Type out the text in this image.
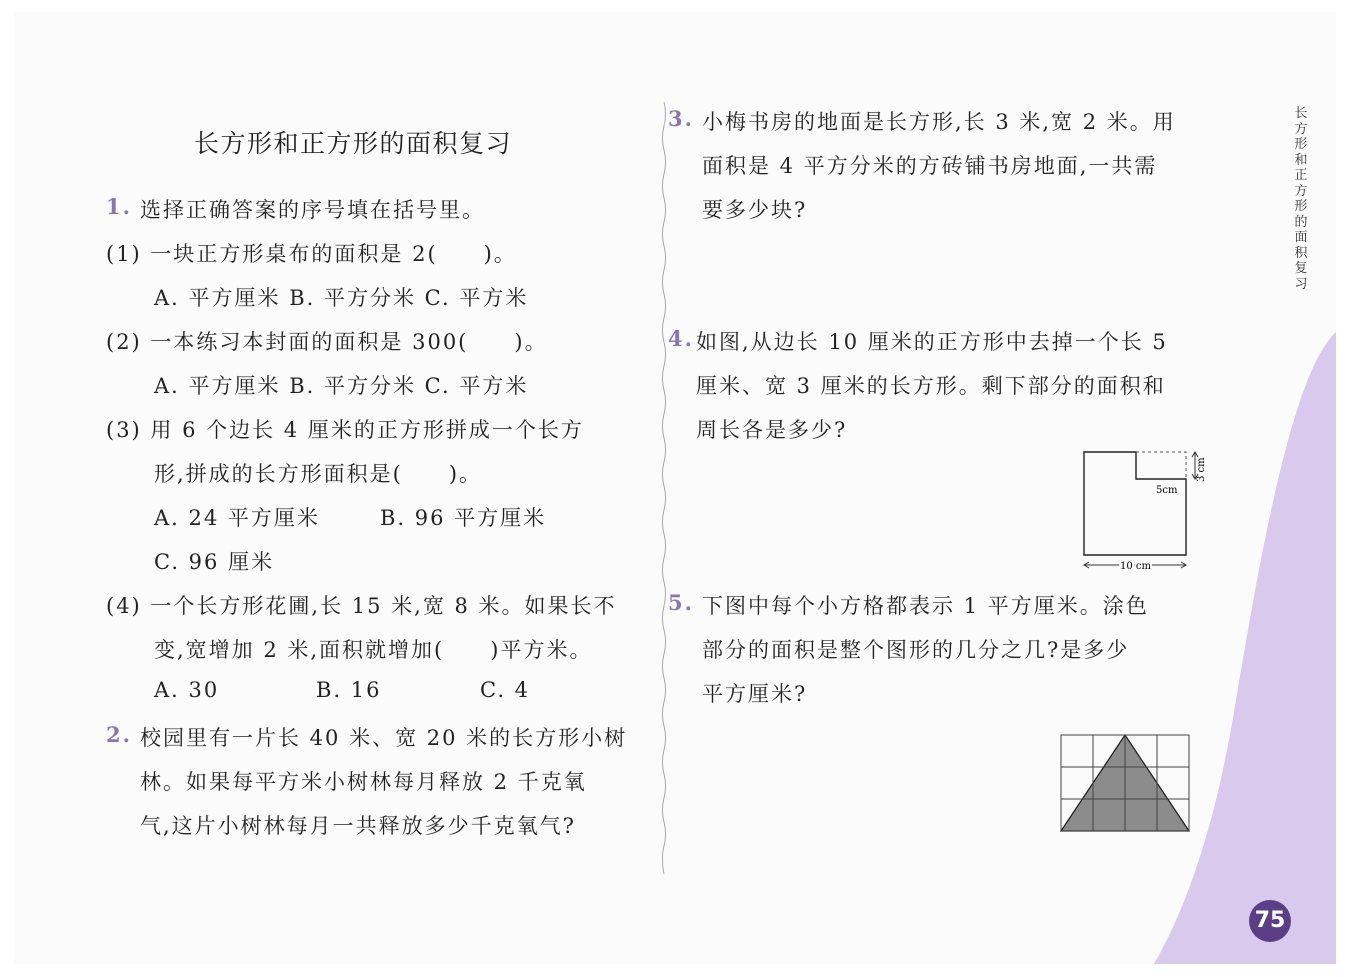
长方形和正方形的面积复习
75
长方形和正方形的面积复习
1. 选择正确答案的序号填在括号里。
(1) 一块正方形桌布的面积是 2(　　)。
A. 平方厘米 B. 平方分米 C. 平方米
(2) 一本练习本封面的面积是 300(　　)。
A. 平方厘米 B. 平方分米 C. 平方米
(3) 用 6 个边长 4 厘米的正方形拼成一个长方
形,拼成的长方形面积是(　　)。
A. 24 平方厘米	B. 96 平方厘米
C. 96 厘米
(4) 一个长方形花圃,长 15 米,宽 8 米。如果长不
变,宽增加 2 米,面积就增加(　　)平方米。
A. 30	B. 16	C. 4
2. 校园里有一片长 40 米、宽 20 米的长方形小树
林。如果每平方米小树林每月释放 2 千克氧
气,这片小树林每月一共释放多少千克氧气?
3. 小梅书房的地面是长方形,长 3 米,宽 2 米。用
面积是 4 平方分米的方砖铺书房地面,一共需
要多少块?
4. 如图,从边长 10 厘米的正方形中去掉一个长 5
厘米、宽 3 厘米的长方形。剩下部分的面积和
周长各是多少?
3 cm
5cm
10 cm
5. 下图中每个小方格都表示 1 平方厘米。涂色
部分的面积是整个图形的几分之几?是多少
平方厘米?
